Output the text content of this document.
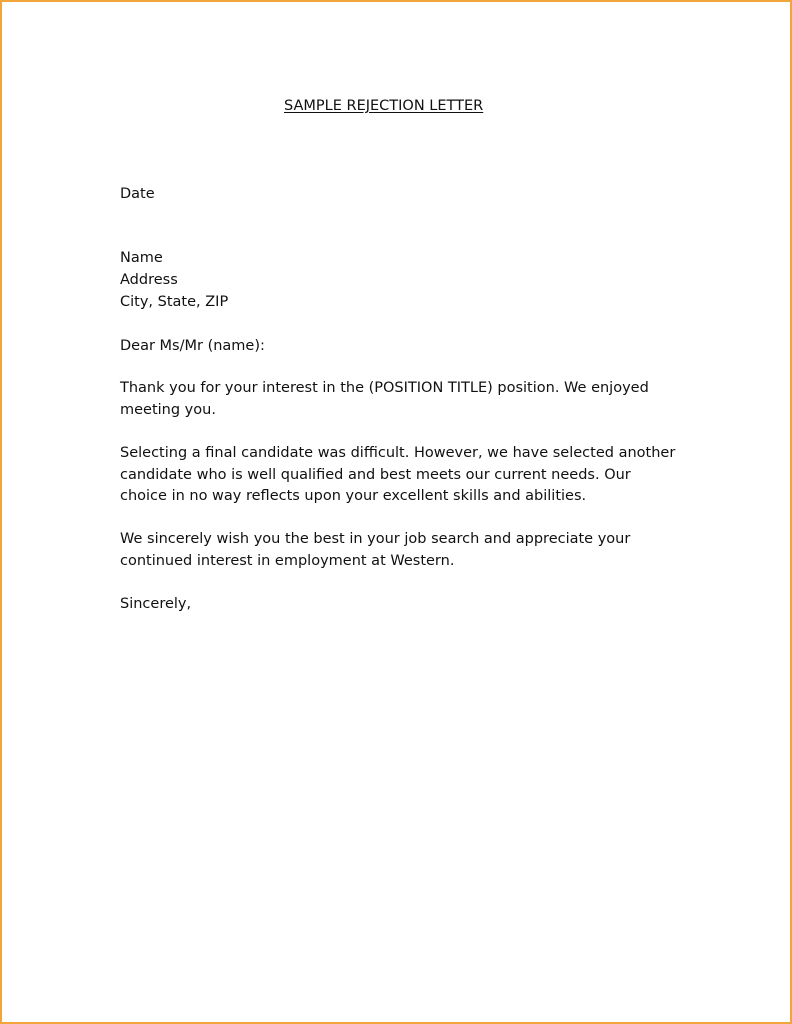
SAMPLE REJECTION LETTER
Date
Name
Address
City, State, ZIP
Dear Ms/Mr (name):
Thank you for your interest in the (POSITION TITLE) position. We enjoyed
meeting you.
Selecting a final candidate was difficult. However, we have selected another
candidate who is well qualified and best meets our current needs. Our
choice in no way reflects upon your excellent skills and abilities.
We sincerely wish you the best in your job search and appreciate your
continued interest in employment at Western.
Sincerely,
